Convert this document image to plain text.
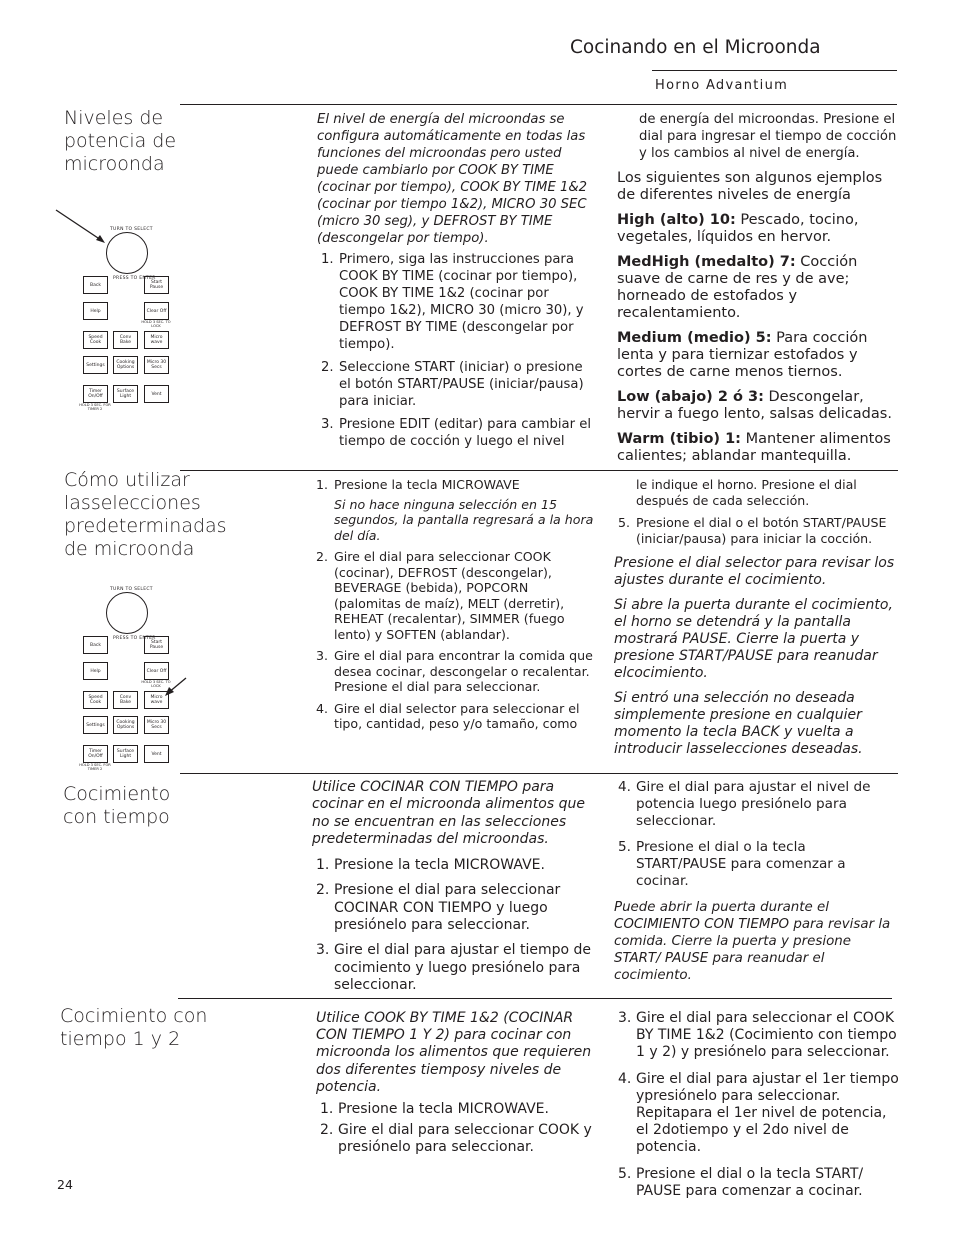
Cocinando en el Microonda
Horno Advantium
Niveles de potencia de microonda
TURN TO SELECT
PRESS TO ENTER
Back	Start Pause
Help	Clear Off
HOLD 3 SEC. TO LOCK
Speed Cook
Conv Bake
Micro wave
Settings	Cooking Options
Micro 30 Secs
Timer On/Off
HOLD 3 SEC. FOR TIMER 2
Surface Light	Vent

El nivel de energía del microondas se configura automáticamente en todas las funciones del microondas pero usted puede cambiarlo por COOK BY TIME (cocinar por tiempo), COOK BY TIME 1&2 (cocinar por tiempo 1&2), MICRO 30 SEC (micro 30 seg), y DEFROST BY TIME (descongelar por tiempo).

1. Primero, siga las instrucciones para COOK BY TIME (cocinar por tiempo), COOK BY TIME 1&2 (cocinar por tiempo 1&2), MICRO 30 (micro 30), y DEFROST BY TIME (descongelar por tiempo).
2. Seleccione START (iniciar) o presione el botón START/PAUSE (iniciar/pausa) para iniciar.
3. Presione EDIT (editar) para cambiar el tiempo de cocción y luego el nivel

de energía del microondas. Presione el dial para ingresar el tiempo de cocción y los cambios al nivel de energía.

Los siguientes son algunos ejemplos de diferentes niveles de energía

High (alto) 10: Pescado, tocino, vegetales, líquidos en hervor.

MedHigh (medalto) 7: Cocción suave de carne de res y de ave; horneado de estofados y recalentamiento.

Medium (medio) 5: Para cocción lenta y para tiernizar estofados y cortes de carne menos tiernos.

Low (abajo) 2 ó 3: Descongelar, hervir a fuego lento, salsas delicadas.

Warm (tibio) 1: Mantener alimentos calientes; ablandar mantequilla.

Cómo utilizar lasselecciones predeterminadas de microonda
TURN TO SELECT
PRESS TO ENTER
Back	Start Pause
Help	Clear Off
HOLD 3 SEC. TO LOCK
Speed Cook
Conv Bake
Micro wave
Settings	Cooking Options
Micro 30 Secs
Timer On/Off
HOLD 3 SEC. FOR TIMER 2
Surface Light	Vent
1. Presione la tecla MICROWAVE

Si no hace ninguna selección en 15 segundos, la pantalla regresará a la hora del día.

2. Gire el dial para seleccionar COOK (cocinar), DEFROST (descongelar), BEVERAGE (bebida), POPCORN (palomitas de maíz), MELT (derretir), REHEAT (recalentar), SIMMER (fuego lento) y SOFTEN (ablandar).
3. Gire el dial para encontrar la comida que desea cocinar, descongelar o recalentar. Presione el dial para seleccionar.
4. Gire el dial selector para seleccionar el tipo, cantidad, peso y/o tamaño, como

le indique el horno. Presione el dial después de cada selección.

5. Presione el dial o el botón START/PAUSE (iniciar/pausa) para iniciar la cocción.

Presione el dial selector para revisar los ajustes durante el cocimiento.

Si abre la puerta durante el cocimiento, el horno se detendrá y la pantalla mostrará PAUSE. Cierre la puerta y presione START/PAUSE para reanudar elcocimiento.

Si entró una selección no deseada simplemente presione en cualquier momento la tecla BACK y vuelta a introducir lasselecciones deseadas.

Cocimiento con tiempo

Utilice COCINAR CON TIEMPO para cocinar en el microonda alimentos que no se encuentran en las selecciones predeterminadas del microondas.

1. Presione la tecla MICROWAVE.
2. Presione el dial para seleccionar COCINAR CON TIEMPO y luego presiónelo para seleccionar.
3. Gire el dial para ajustar el tiempo de cocimiento y luego presiónelo para seleccionar.
4. Gire el dial para ajustar el nivel de potencia luego presiónelo para seleccionar.
5. Presione el dial o la tecla START/PAUSE para comenzar a cocinar.

Puede abrir la puerta durante el COCIMIENTO CON TIEMPO para revisar la comida. Cierre la puerta y presione START/ PAUSE para reanudar el cocimiento.

Cocimiento con tiempo 1 y 2

Utilice COOK BY TIME 1&2 (COCINAR CON TIEMPO 1 Y 2) para cocinar con microonda los alimentos que requieren dos diferentes tiemposy niveles de potencia.

1. Presione la tecla MICROWAVE.
2. Gire el dial para seleccionar COOK y presiónelo para seleccionar.
3. Gire el dial para seleccionar el COOK BY TIME 1&2 (Cocimiento con tiempo 1 y 2) y presiónelo para seleccionar.
4. Gire el dial para ajustar el 1er tiempo ypresiónelo para seleccionar. Repitapara el 1er nivel de potencia, el 2dotiempo y el 2do nivel de potencia.
5. Presione el dial o la tecla START/ PAUSE para comenzar a cocinar.
24
